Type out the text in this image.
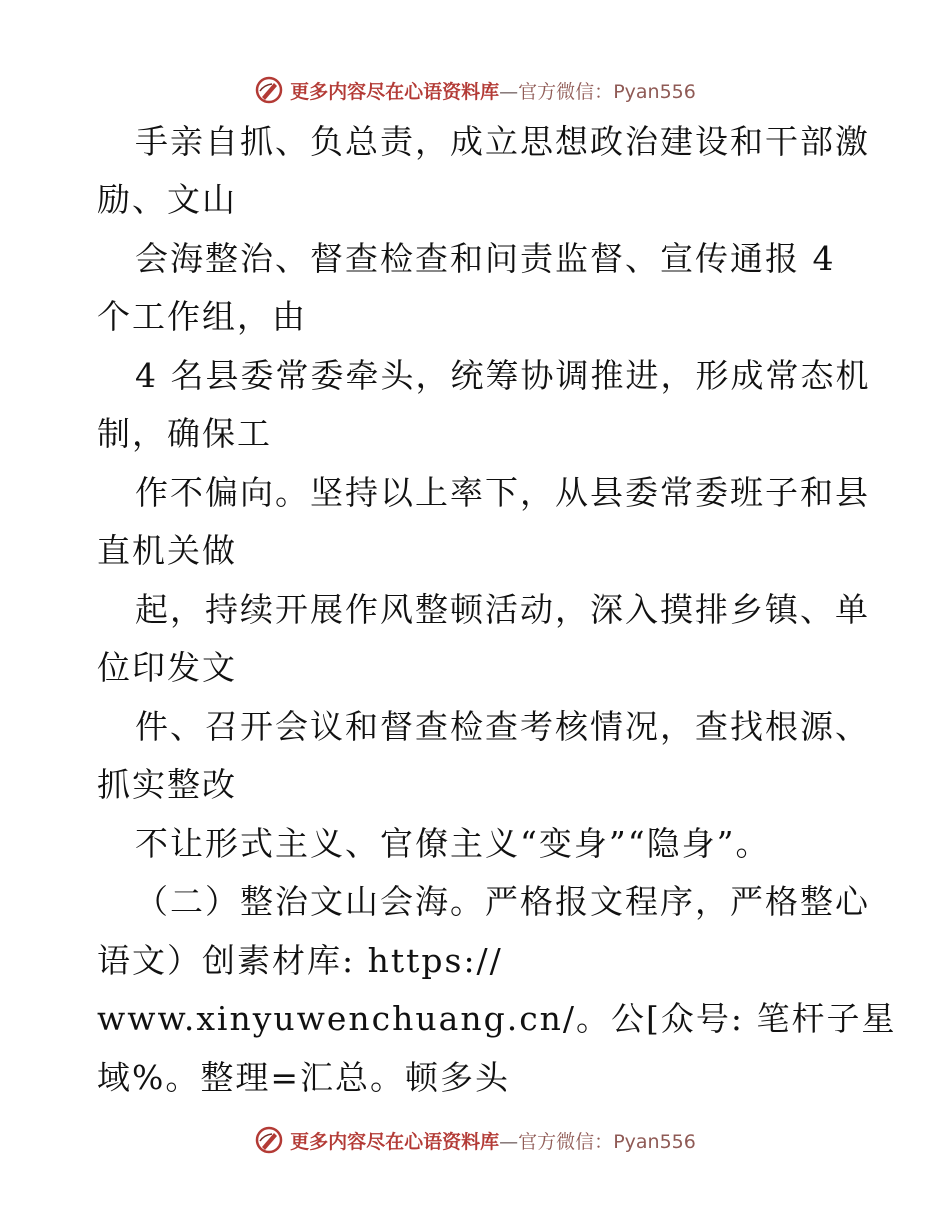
更多内容尽在心语资料库—官方微信：Pyan556
手亲自抓、负总责，成立思想政治建设和干部激
励、文山
会海整治、督查检查和问责监督、宣传通报 4
个工作组，由
4 名县委常委牵头，统筹协调推进，形成常态机
制，确保工
作不偏向。坚持以上率下，从县委常委班子和县
直机关做
起，持续开展作风整顿活动，深入摸排乡镇、单
位印发文
件、召开会议和督查检查考核情况，查找根源、
抓实整改
不让形式主义、官僚主义“变身”“隐身”。
（二）整治文山会海。严格报文程序，严格整心
语文）创素材库: https://
www.xinyuwenchuang.cn/。公[众号: 笔杆子星
域%。整理=汇总。顿多头
更多内容尽在心语资料库—官方微信：Pyan556
